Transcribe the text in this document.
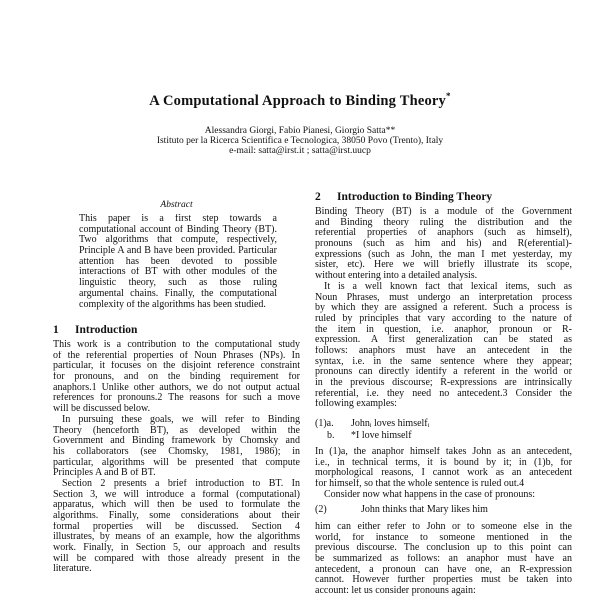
A Computational Approach to Binding Theory*
Alessandra Giorgi, Fabio Pianesi, Giorgio Satta**
Istituto per la Ricerca Scientifica e Tecnologica, 38050 Povo (Trento), Italy
e-mail: satta@irst.it ; satta@irst.uucp
Abstract
This paper is a first step towards a
computational account of Binding Theory (BT).
Two algorithms that compute, respectively,
Principle A and B have been provided. Particular
attention has been devoted to possible
interactions of BT with other modules of the
linguistic theory, such as those ruling
argumental chains. Finally, the computational
complexity of the algorithms has been studied.
1 Introduction
This work is a contribution to the computational study
of the referential properties of Noun Phrases (NPs). In
particular, it focuses on the disjoint reference constraint
for pronouns, and on the binding requirement for
anaphors.1 Unlike other authors, we do not output actual
references for pronouns.2 The reasons for such a move
will be discussed below.
In pursuing these goals, we will refer to Binding
Theory (henceforth BT), as developed within the
Government and Binding framework by Chomsky and
his collaborators (see Chomsky, 1981, 1986); in
particular, algorithms will be presented that compute
Principles A and B of BT.
Section 2 presents a brief introduction to BT. In
Section 3, we will introduce a formal (computational)
apparatus, which will then be used to formulate the
algorithms. Finally, some considerations about their
formal properties will be discussed. Section 4
illustrates, by means of an example, how the algorithms
work. Finally, in Section 5, our approach and results
will be compared with those already present in the
literature.
2 Introduction to Binding Theory
Binding Theory (BT) is a module of the Government
and Binding theory ruling the distribution and the
referential properties of anaphors (such as himself),
pronouns (such as him and his) and R(eferential)-
expressions (such as John, the man I met yesterday, my
sister, etc). Here we will briefly illustrate its scope,
without entering into a detailed analysis.
It is a well known fact that lexical items, such as
Noun Phrases, must undergo an interpretation process
by which they are assigned a referent. Such a process is
ruled by principles that vary according to the nature of
the item in question, i.e. anaphor, pronoun or R-
expression. A first generalization can be stated as
follows: anaphors must have an antecedent in the
syntax, i.e. in the same sentence where they appear;
pronouns can directly identify a referent in the world or
in the previous discourse; R-expressions are intrinsically
referential, i.e. they need no antecedent.3 Consider the
following examples:
(1)a. Johnᵢ loves himselfᵢ
b. *I love himself
In (1)a, the anaphor himself takes John as an antecedent,
i.e., in technical terms, it is bound by it; in (1)b, for
morphological reasons, I cannot work as an antecedent
for himself, so that the whole sentence is ruled out.4
Consider now what happens in the case of pronouns:
(2)	John thinks that Mary likes him
him can either refer to John or to someone else in the
world, for instance to someone mentioned in the
previous discourse. The conclusion up to this point can
be summarized as follows: an anaphor must have an
antecedent, a pronoun can have one, an R-expression
cannot. However further properties must be taken into
account: let us consider pronouns again:
